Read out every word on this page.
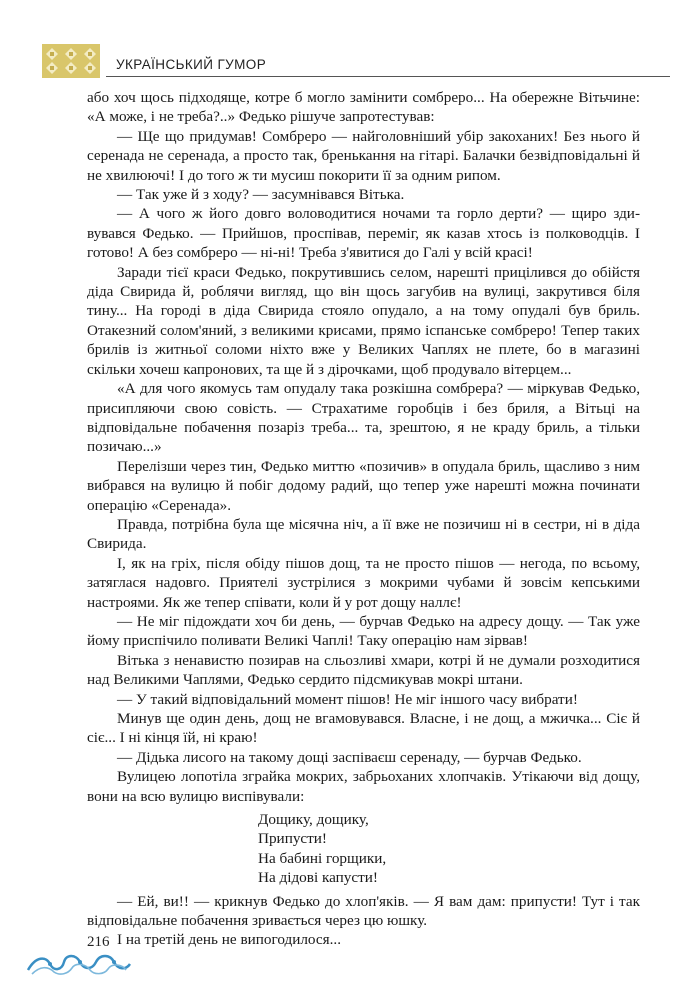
УКРАЇНСЬКИЙ ГУМОР

або хоч щось підходяще, котре б могло замінити сомбреро... На обережне Вітьчине: «А може, і не треба?..» Федько рішуче запротестував:

— Ще що придумав! Сомбреро — найголовніший убір закоханих! Без нього й серенада не серенада, а просто так, бренькання на гітарі. Балачки безвідповідальні й не хвилюючі! І до того ж ти мусиш покорити її за одним рипом.

— Так уже й з ходу? — засумнівався Вітька.

— А чого ж його довго воловодитися ночами та горло дерти? — щиро здивувався Федько. — Прийшов, проспівав, переміг, як казав хтось із полководців. І готово! А без сомбреро — ні-ні! Треба з'явитися до Галі у всій красі!

Заради тієї краси Федько, покрутившись селом, нарешті прицілився до обійстя діда Свирида й, роблячи вигляд, що він щось загубив на вулиці, закрутився біля тину... На городі в діда Свирида стояло опудало, а на тому опудалі був бриль. Отакезний солом'яний, з великими крисами, прямо іспанське сомбреро! Тепер таких брилів із житньої соломи ніхто вже у Великих Чаплях не плете, бо в магазині скільки хочеш капронових, та ще й з дірочками, щоб продувало вітерцем...

«А для чого якомусь там опудалу така розкішна сомбрера? — міркував Федько, присипляючи свою совість. — Страхатиме горобців і без бриля, а Вітьці на відповідальне побачення позаріз треба... та, зрештою, я не краду бриль, а тільки позичаю...»

Перелізши через тин, Федько миттю «позичив» в опудала бриль, щасливо з ним вибрався на вулицю й побіг додому радий, що тепер уже нарешті можна починати операцію «Серенада».

Правда, потрібна була ще місячна ніч, а її вже не позичиш ні в сестри, ні в діда Свирида.

І, як на гріх, після обіду пішов дощ, та не просто пішов — негода, по всьому, затяглася надовго. Приятелі зустрілися з мокрими чубами й зовсім кепськими настроями. Як же тепер співати, коли й у рот дощу наллє!

— Не міг підождати хоч би день, — бурчав Федько на адресу дощу. — Так уже йому приспічило поливати Великі Чаплі! Таку операцію нам зірвав!

Вітька з ненавистю позирав на сльозливі хмари, котрі й не думали розходитися над Великими Чаплями, Федько сердито підсмикував мокрі штани.

— У такий відповідальний момент пішов! Не міг іншого часу вибрати!

Минув ще один день, дощ не вгамовувався. Власне, і не дощ, а мжичка... Сіє й сіє... І ні кінця їй, ні краю!

— Дідька лисого на такому дощі заспіваєш серенаду, — бурчав Федько.

Вулицею лопотіла зграйка мокрих, забрьоханих хлопчаків. Утікаючи від дощу, вони на всю вулицю виспівували:

Дощику, дощику,
Припусти!
На бабині горщики,
На дідові капусти!

— Ей, ви!! — крикнув Федько до хлоп'яків. — Я вам дам: припусти! Тут і так відповідальне побачення зривається через цю юшку.

І на третій день не випогодилося...

216
